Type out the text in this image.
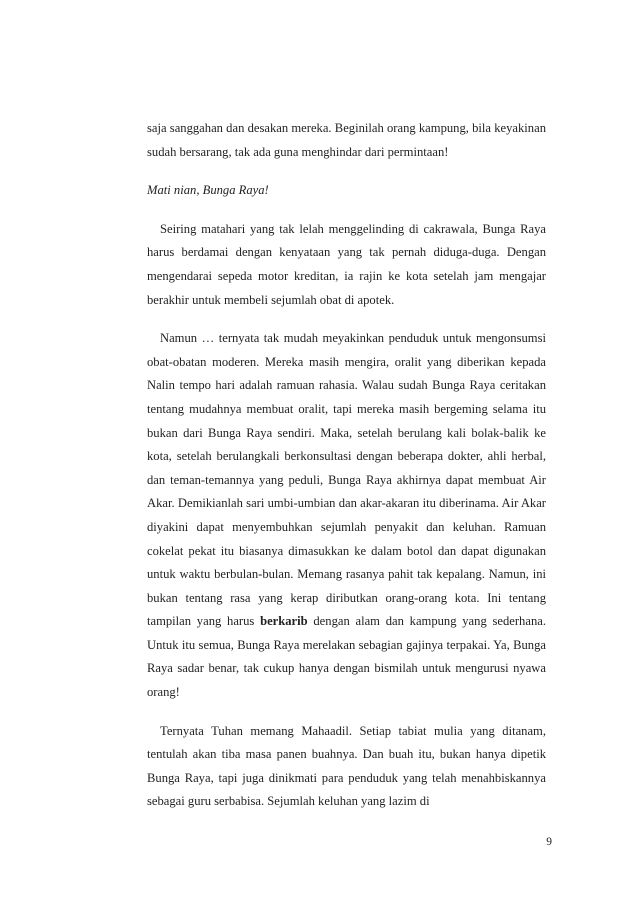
saja sanggahan dan desakan mereka. Beginilah orang kampung, bila keyakinan sudah bersarang, tak ada guna menghindar dari permintaan!

Mati nian, Bunga Raya!

Seiring matahari yang tak lelah menggelinding di cakrawala, Bunga Raya harus berdamai dengan kenyataan yang tak pernah diduga-duga. Dengan mengendarai sepeda motor kreditan, ia rajin ke kota setelah jam mengajar berakhir untuk membeli sejumlah obat di apotek.

Namun … ternyata tak mudah meyakinkan penduduk untuk mengonsumsi obat-obatan moderen. Mereka masih mengira, oralit yang diberikan kepada Nalin tempo hari adalah ramuan rahasia. Walau sudah Bunga Raya ceritakan tentang mudahnya membuat oralit, tapi mereka masih bergeming selama itu bukan dari Bunga Raya sendiri. Maka, setelah berulang kali bolak-balik ke kota, setelah berulangkali berkonsultasi dengan beberapa dokter, ahli herbal, dan teman-temannya yang peduli, Bunga Raya akhirnya dapat membuat Air Akar. Demikianlah sari umbi-umbian dan akar-akaran itu diberinama. Air Akar diyakini dapat menyembuhkan sejumlah penyakit dan keluhan. Ramuan cokelat pekat itu biasanya dimasukkan ke dalam botol dan dapat digunakan untuk waktu berbulan-bulan. Memang rasanya pahit tak kepalang. Namun, ini bukan tentang rasa yang kerap diributkan orang-orang kota. Ini tentang tampilan yang harus berkarib dengan alam dan kampung yang sederhana. Untuk itu semua, Bunga Raya merelakan sebagian gajinya terpakai. Ya, Bunga Raya sadar benar, tak cukup hanya dengan bismilah untuk mengurusi nyawa orang!

Ternyata Tuhan memang Mahaadil. Setiap tabiat mulia yang ditanam, tentulah akan tiba masa panen buahnya. Dan buah itu, bukan hanya dipetik Bunga Raya, tapi juga dinikmati para penduduk yang telah menahbiskannya sebagai guru serbabisa. Sejumlah keluhan yang lazim di

9
